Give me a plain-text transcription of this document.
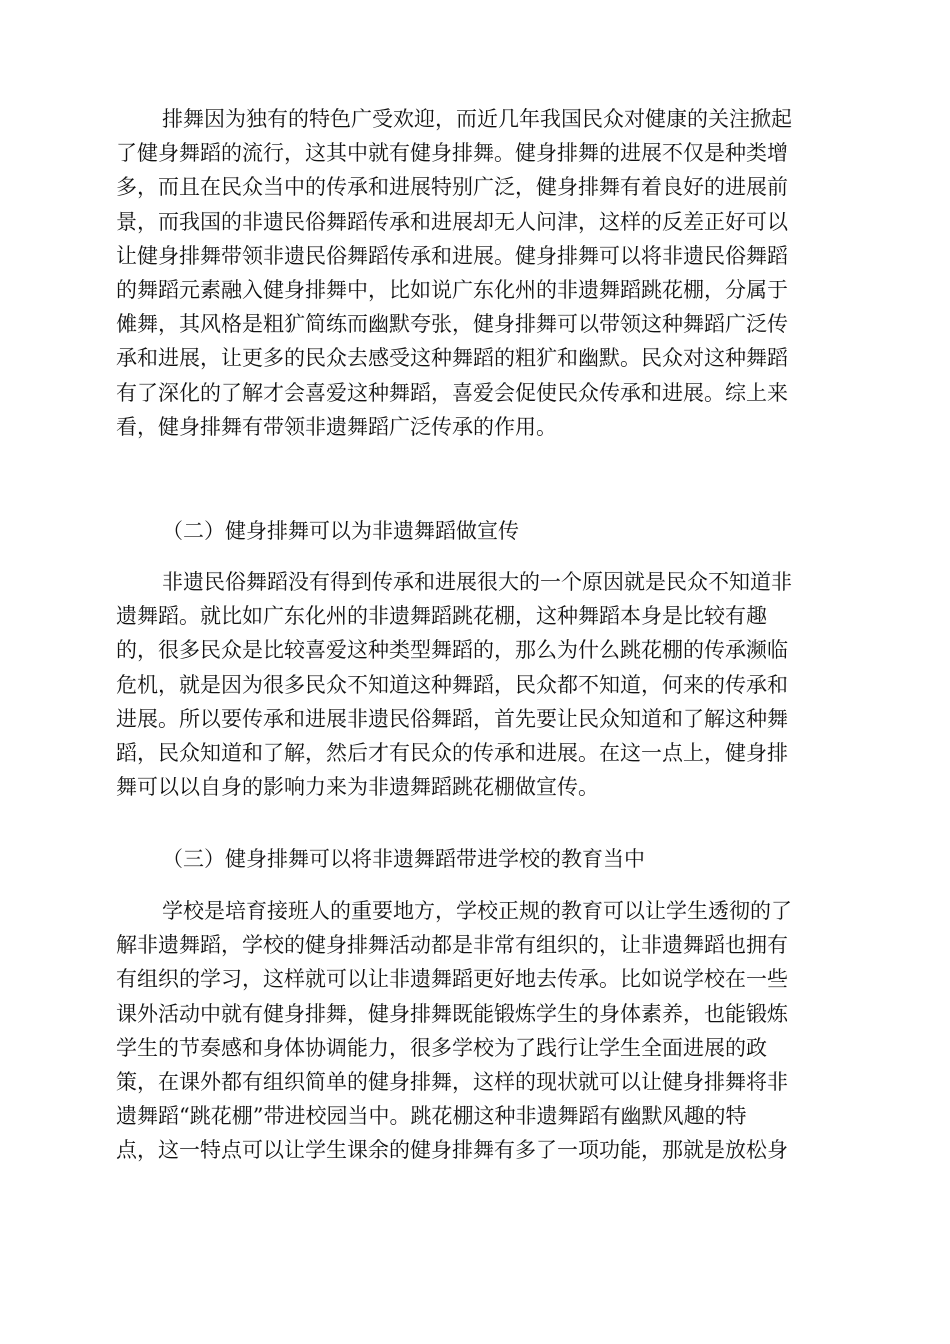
排舞因为独有的特色广受欢迎，而近几年我国民众对健康的关注掀起
了健身舞蹈的流行，这其中就有健身排舞。健身排舞的进展不仅是种类增
多，而且在民众当中的传承和进展特别广泛，健身排舞有着良好的进展前
景，而我国的非遗民俗舞蹈传承和进展却无人问津，这样的反差正好可以
让健身排舞带领非遗民俗舞蹈传承和进展。健身排舞可以将非遗民俗舞蹈
的舞蹈元素融入健身排舞中，比如说广东化州的非遗舞蹈跳花棚，分属于
傩舞，其风格是粗犷简练而幽默夸张，健身排舞可以带领这种舞蹈广泛传
承和进展，让更多的民众去感受这种舞蹈的粗犷和幽默。民众对这种舞蹈
有了深化的了解才会喜爱这种舞蹈，喜爱会促使民众传承和进展。综上来
看，健身排舞有带领非遗舞蹈广泛传承的作用。
（二）健身排舞可以为非遗舞蹈做宣传
非遗民俗舞蹈没有得到传承和进展很大的一个原因就是民众不知道非
遗舞蹈。就比如广东化州的非遗舞蹈跳花棚，这种舞蹈本身是比较有趣
的，很多民众是比较喜爱这种类型舞蹈的，那么为什么跳花棚的传承濒临
危机，就是因为很多民众不知道这种舞蹈，民众都不知道，何来的传承和
进展。所以要传承和进展非遗民俗舞蹈，首先要让民众知道和了解这种舞
蹈，民众知道和了解，然后才有民众的传承和进展。在这一点上，健身排
舞可以以自身的影响力来为非遗舞蹈跳花棚做宣传。
（三）健身排舞可以将非遗舞蹈带进学校的教育当中
学校是培育接班人的重要地方，学校正规的教育可以让学生透彻的了
解非遗舞蹈，学校的健身排舞活动都是非常有组织的，让非遗舞蹈也拥有
有组织的学习，这样就可以让非遗舞蹈更好地去传承。比如说学校在一些
课外活动中就有健身排舞，健身排舞既能锻炼学生的身体素养，也能锻炼
学生的节奏感和身体协调能力，很多学校为了践行让学生全面进展的政
策，在课外都有组织简单的健身排舞，这样的现状就可以让健身排舞将非
遗舞蹈“跳花棚”带进校园当中。跳花棚这种非遗舞蹈有幽默风趣的特
点，这一特点可以让学生课余的健身排舞有多了一项功能，那就是放松身
